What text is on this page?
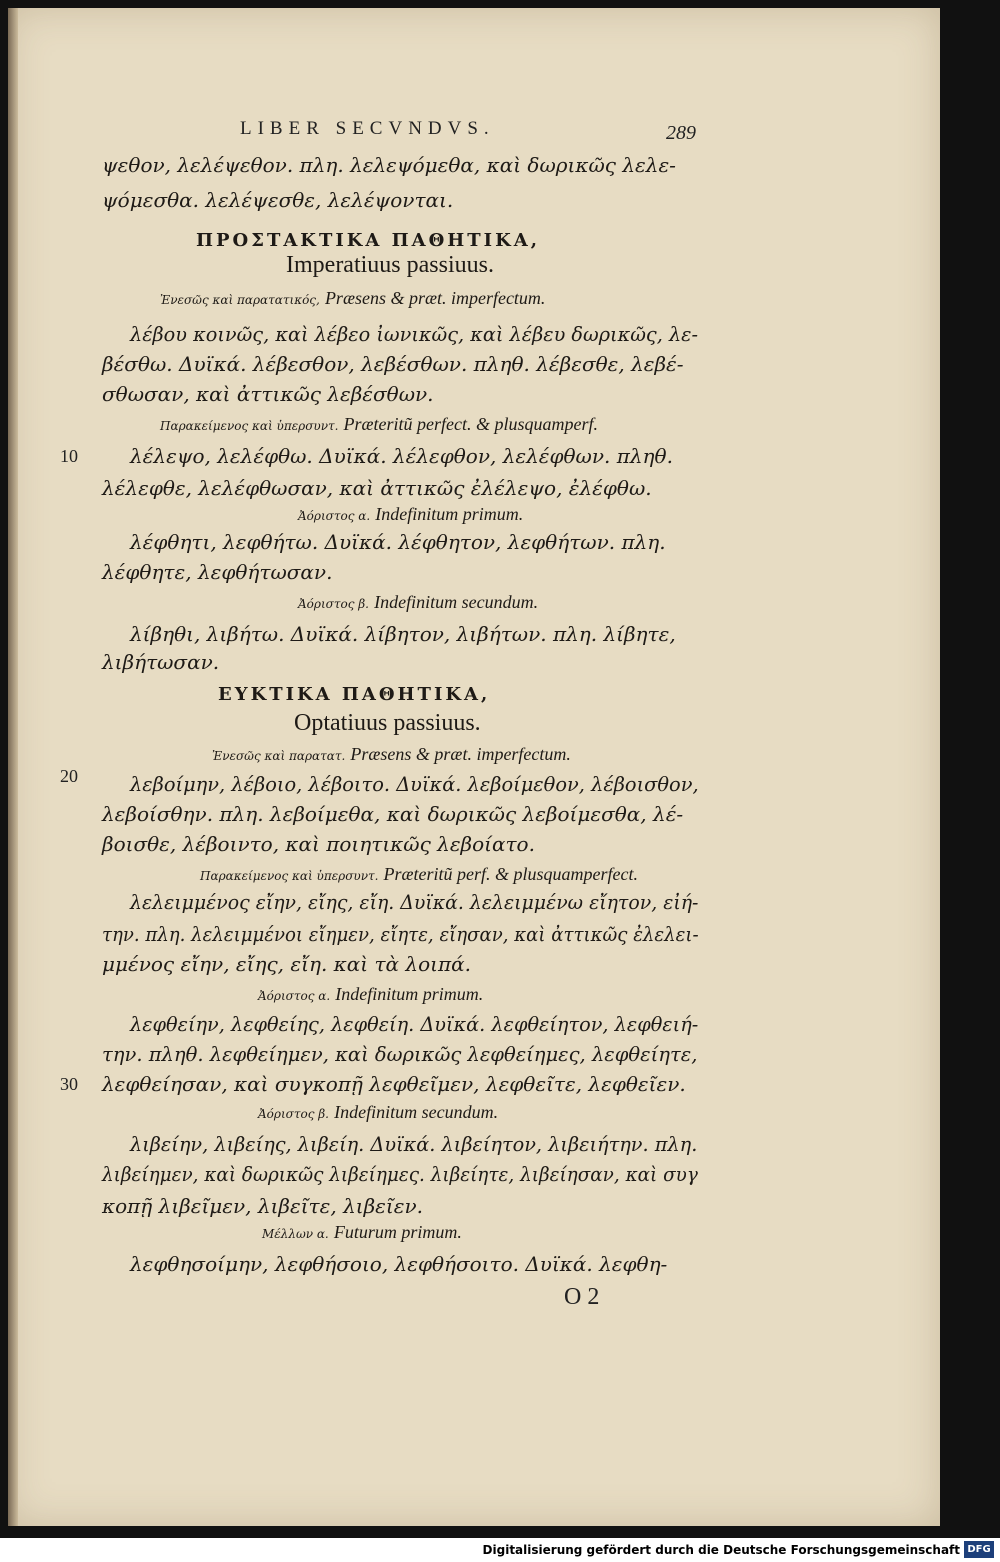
LIBER SECVNDVS.	289
ψεθον, λελέψεθον. πλη. λελεψόμεθα, καὶ δωρικῶς λελε-
ψόμεσθα. λελέψεσθε, λελέψονται.
ΠΡΟΣΤΑΚΤΙΚΑ ΠΑΘΗΤΙΚΑ,
Imperatiuus passiuus.
Ἐνεσῶς καὶ παρατατικός, Præsens & præt. imperfectum.
λέβου κοινῶς, καὶ λέβεο ἰωνικῶς, καὶ λέβευ δωρικῶς, λε-
βέσθω. Δυϊκά. λέβεσθον, λεβέσθων. πληθ. λέβεσθε, λεβέ-
σθωσαν, καὶ ἀττικῶς λεβέσθων.
Παρακείμενος καὶ ὑπερσυντ. Præteritũ perfect. & plusquamperf.
10	λέλεψο, λελέφθω. Δυϊκά. λέλεφθον, λελέφθων. πληθ.
λέλεφθε, λελέφθωσαν, καὶ ἀττικῶς ἐλέλεψο, ἐλέφθω.
Ἀόριστος α. Indefinitum primum.
λέφθητι, λεφθήτω. Δυϊκά. λέφθητον, λεφθήτων. πλη.
λέφθητε, λεφθήτωσαν.
Ἀόριστος β. Indefinitum secundum.
λίβηθι, λιβήτω. Δυϊκά. λίβητον, λιβήτων. πλη. λίβητε,
λιβήτωσαν.
ΕΥΚΤΙΚΑ ΠΑΘΗΤΙΚΑ,
Optatiuus passiuus.
Ἐνεσῶς καὶ παρατατ. Præsens & præt. imperfectum.
20	λεβοίμην, λέβοιο, λέβοιτο. Δυϊκά. λεβοίμεθον, λέβοισθον,
λεβοίσθην. πλη. λεβοίμεθα, καὶ δωρικῶς λεβοίμεσθα, λέ-
βοισθε, λέβοιντο, καὶ ποιητικῶς λεβοίατο.
Παρακείμενος καὶ ὑπερσυντ. Præteritũ perf. & plusquamperfect.
λελειμμένος εἴην, εἴης, εἴη. Δυϊκά. λελειμμένω εἴητον, εἰή-
την. πλη. λελειμμένοι εἴημεν, εἴητε, εἴησαν, καὶ ἀττικῶς ἐλελει-
μμένος εἴην, εἴης, εἴη. καὶ τὰ λοιπά.
Ἀόριστος α. Indefinitum primum.
λεφθείην, λεφθείης, λεφθείη. Δυϊκά. λεφθείητον, λεφθειή-
την. πληθ. λεφθείημεν, καὶ δωρικῶς λεφθείημες, λεφθείητε,
30 λεφθείησαν, καὶ συγκοπῇ λεφθεῖμεν, λεφθεῖτε, λεφθεῖεν.
Ἀόριστος β. Indefinitum secundum.
λιβείην, λιβείης, λιβείη. Δυϊκά. λιβείητον, λιβειήτην. πλη.
λιβείημεν, καὶ δωρικῶς λιβείημες. λιβείητε, λιβείησαν, καὶ συγ
κοπῇ λιβεῖμεν, λιβεῖτε, λιβεῖεν.
Μέλλων α. Futurum primum.
λεφθησοίμην, λεφθήσοιο, λεφθήσοιτο. Δυϊκά. λεφθη-
O 2
Digitalisierung gefördert durch die Deutsche Forschungsgemeinschaft DFG
